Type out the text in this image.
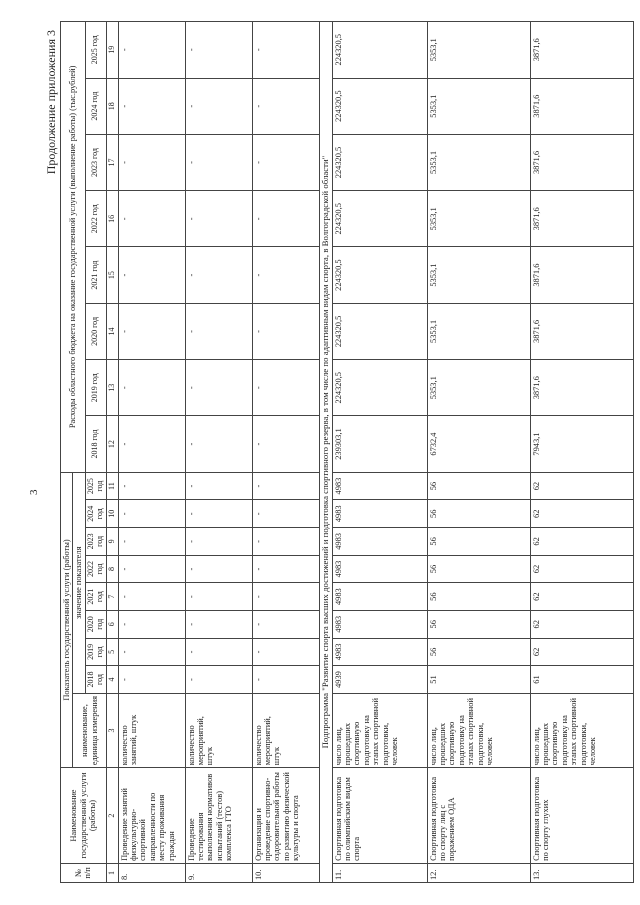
3
Продолжение приложения 3
№ п/п	Наименование государственной услуги (работы)	Показатель государственной услуги (работы)									Расходы областного бюджета на оказание государственной услуги (выполнение работы) (тыс.рублей)							
		наименование, единица измерения	значение показателя															
			2018 год	2019 год	2020 год	2021 год	2022 год	2023 год	2024 год	2025 год	2018 год	2019 год	2020 год	2021 год	2022 год	2023 год	2024 год	2025 год
1	2	3	4	5	6	7	8	9	10	11	12	13	14	15	16	17	18	19
8.	Проведение занятий физкультурно-спортивной направленности по месту проживания граждан	количество занятий, штук	-	-	-	-	-	-	-	-	-	-	-	-	-	-	-	-
9.	Проведение тестирования выполнения нормативов испытаний (тестов) комплекса ГТО	количество мероприятий, штук	-	-	-	-	-	-	-	-	-	-	-	-	-	-	-	-
10.	Организация и проведение спортивно-оздоровительной работы по развитию физической культуры и спорта	количество мероприятий, штук	-	-	-	-	-	-	-	-	-	-	-	-	-	-	-	-
Подпрограмма "Развитие спорта высших достижений и подготовка спортивного резерва, в том числе по адаптивным видам спорта, в Волгоградской области"																		
11.	Спортивная подготовка по олимпийским видам спорта	число лиц, прошедших спортивную подготовку на этапах спортивной подготовки, человек	4939	4983	4983	4983	4983	4983	4983	4983	239303,1	224320,5	224320,5	224320,5	224320,5	224320,5	224320,5	224320,5
12.	Спортивная подготовка по спорту лиц с поражением ОДА	число лиц, прошедших спортивную подготовку на этапах спортивной подготовки, человек	51	56	56	56	56	56	56	56	6732,4	5353,1	5353,1	5353,1	5353,1	5353,1	5353,1	5353,1
13.	Спортивная подготовка по спорту глухих	число лиц, прошедших спортивную подготовку на этапах спортивной подготовки, человек	61	62	62	62	62	62	62	62	7943,1	3871,6	3871,6	3871,6	3871,6	3871,6	3871,6	3871,6
